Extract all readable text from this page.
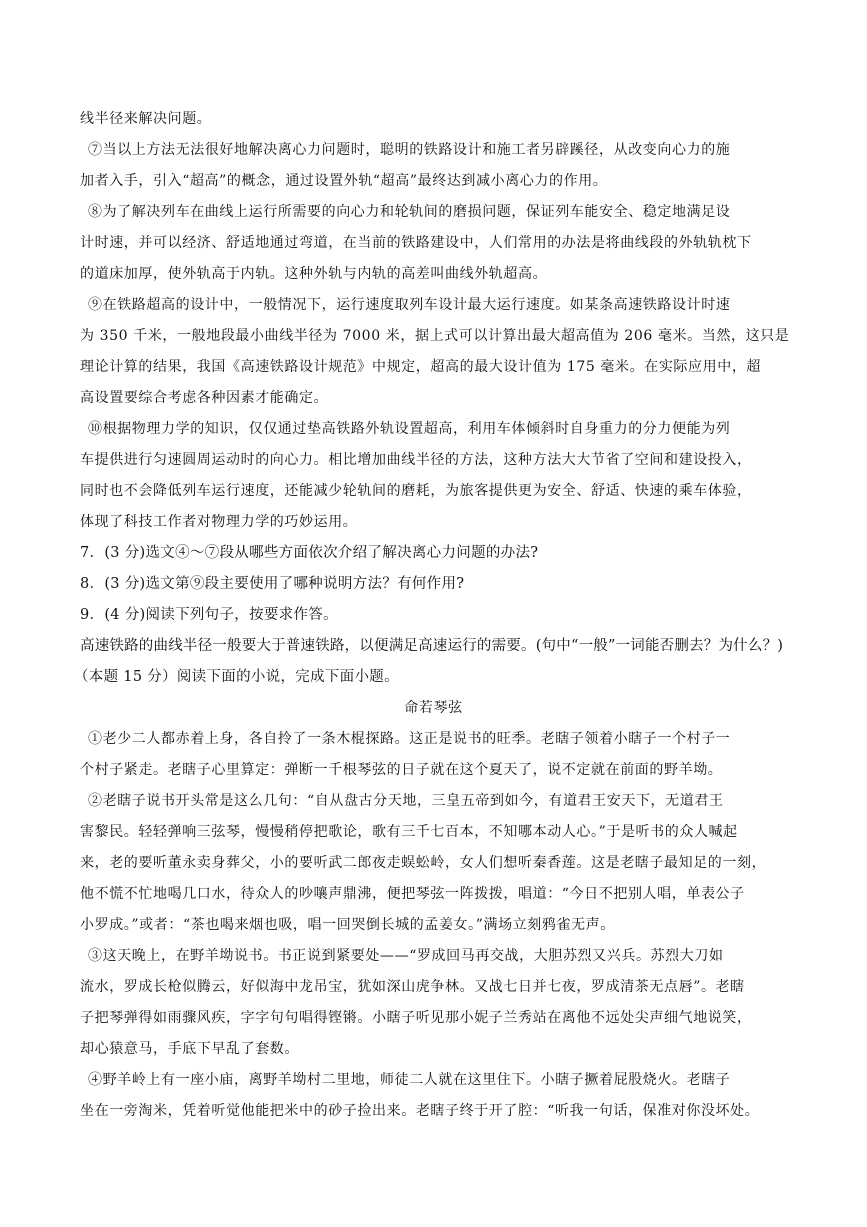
线半径来解决问题。
⑦当以上方法无法很好地解决离心力问题时，聪明的铁路设计和施工者另辟蹊径，从改变向心力的施
加者入手，引入“超高”的概念，通过设置外轨“超高”最终达到减小离心力的作用。
⑧为了解决列车在曲线上运行所需要的向心力和轮轨间的磨损问题，保证列车能安全、稳定地满足设
计时速，并可以经济、舒适地通过弯道，在当前的铁路建设中，人们常用的办法是将曲线段的外轨轨枕下
的道床加厚，使外轨高于内轨。这种外轨与内轨的高差叫曲线外轨超高。
⑨在铁路超高的设计中，一般情况下，运行速度取列车设计最大运行速度。如某条高速铁路设计时速
为 350 千米，一般地段最小曲线半径为 7000 米，据上式可以计算出最大超高值为 206 毫米。当然，这只是
理论计算的结果，我国《高速铁路设计规范》中规定，超高的最大设计值为 175 毫米。在实际应用中，超
高设置要综合考虑各种因素才能确定。
⑩根据物理力学的知识，仅仅通过垫高铁路外轨设置超高，利用车体倾斜时自身重力的分力便能为列
车提供进行匀速圆周运动时的向心力。相比增加曲线半径的方法，这种方法大大节省了空间和建设投入，
同时也不会降低列车运行速度，还能减少轮轨间的磨耗，为旅客提供更为安全、舒适、快速的乘车体验，
体现了科技工作者对物理力学的巧妙运用。
7．(3 分)选文④～⑦段从哪些方面依次介绍了解决离心力问题的办法?
8．(3 分)选文第⑨段主要使用了哪种说明方法？有何作用?
9．(4 分)阅读下列句子，按要求作答。
高速铁路的曲线半径一般要大于普速铁路，以便满足高速运行的需要。(句中“一般”一词能否删去？为什么？)
（本题 15 分）阅读下面的小说，完成下面小题。
命若琴弦
①老少二人都赤着上身，各自拎了一条木棍探路。这正是说书的旺季。老瞎子领着小瞎子一个村子一
个村子紧走。老瞎子心里算定：弹断一千根琴弦的日子就在这个夏天了，说不定就在前面的野羊坳。
②老瞎子说书开头常是这么几句：“自从盘古分天地，三皇五帝到如今，有道君王安天下，无道君王
害黎民。轻轻弹响三弦琴，慢慢稍停把歌论，歌有三千七百本，不知哪本动人心。”于是听书的众人喊起
来，老的要听董永卖身葬父，小的要听武二郎夜走蜈蚣岭，女人们想听秦香莲。这是老瞎子最知足的一刻，
他不慌不忙地喝几口水，待众人的吵嚷声鼎沸，便把琴弦一阵拨拨，唱道：“今日不把别人唱，单表公子
小罗成。”或者：“茶也喝来烟也吸，唱一回哭倒长城的孟姜女。”满场立刻鸦雀无声。
③这天晚上，在野羊坳说书。书正说到紧要处——“罗成回马再交战，大胆苏烈又兴兵。苏烈大刀如
流水，罗成长枪似腾云，好似海中龙吊宝，犹如深山虎争林。又战七日并七夜，罗成清茶无点唇”。老瞎
子把琴弹得如雨骤风疾，字字句句唱得铿锵。小瞎子听见那小妮子兰秀站在离他不远处尖声细气地说笑，
却心猿意马，手底下早乱了套数。
④野羊岭上有一座小庙，离野羊坳村二里地，师徒二人就在这里住下。小瞎子撅着屁股烧火。老瞎子
坐在一旁淘米，凭着听觉他能把米中的砂子捡出来。老瞎子终于开了腔：“听我一句话，保准对你没坏处。
